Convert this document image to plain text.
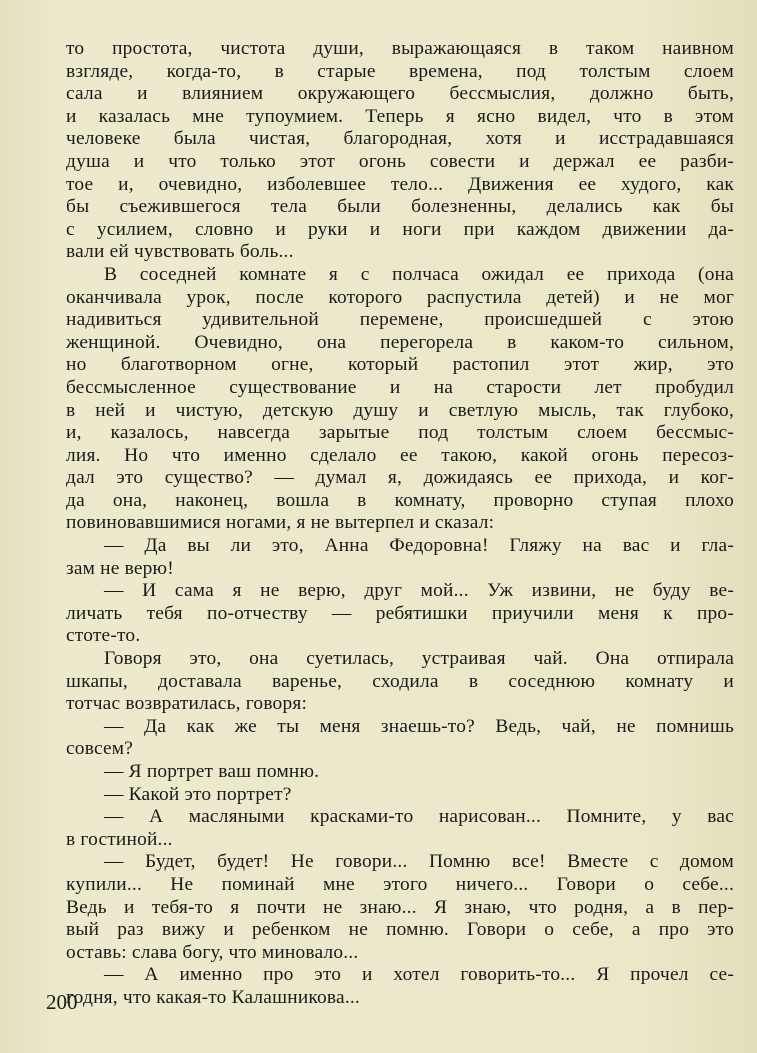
то простота, чистота души, выражающаяся в таком наивном
взгляде, когда-то, в старые времена, под толстым слоем
сала и влиянием окружающего бессмыслия, должно быть,
и казалась мне тупоумием. Теперь я ясно видел, что в этом
человеке была чистая, благородная, хотя и исстрадавшаяся
душа и что только этот огонь совести и держал ее разби-
тое и, очевидно, изболевшее тело... Движения ее худого, как
бы съежившегося тела были болезненны, делались как бы
с усилием, словно и руки и ноги при каждом движении да-
вали ей чувствовать боль...
В соседней комнате я с полчаса ожидал ее прихода (она
оканчивала урок, после которого распустила детей) и не мог
надивиться удивительной перемене, происшедшей с этою
женщиной. Очевидно, она перегорела в каком-то сильном,
но благотворном огне, который растопил этот жир, это
бессмысленное существование и на старости лет пробудил
в ней и чистую, детскую душу и светлую мысль, так глубоко,
и, казалось, навсегда зарытые под толстым слоем бессмыс-
лия. Но что именно сделало ее такою, какой огонь пересоз-
дал это существо? — думал я, дожидаясь ее прихода, и ког-
да она, наконец, вошла в комнату, проворно ступая плохо
повиновавшимися ногами, я не вытерпел и сказал:
— Да вы ли это, Анна Федоровна! Гляжу на вас и гла-
зам не верю!
— И сама я не верю, друг мой... Уж извини, не буду ве-
личать тебя по-отчеству — ребятишки приучили меня к про-
стоте-то.
Говоря это, она суетилась, устраивая чай. Она отпирала
шкапы, доставала варенье, сходила в соседнюю комнату и
тотчас возвратилась, говоря:
— Да как же ты меня знаешь-то? Ведь, чай, не помнишь
совсем?
— Я портрет ваш помню.
— Какой это портрет?
— А масляными красками-то нарисован... Помните, у вас
в гостиной...
— Будет, будет! Не говори... Помню все! Вместе с домом
купили... Не поминай мне этого ничего... Говори о себе...
Ведь и тебя-то я почти не знаю... Я знаю, что родня, а в пер-
вый раз вижу и ребенком не помню. Говори о себе, а про это
оставь: слава богу, что миновало...
— А именно про это и хотел говорить-то... Я прочел се-
годня, что какая-то Калашникова...
200
